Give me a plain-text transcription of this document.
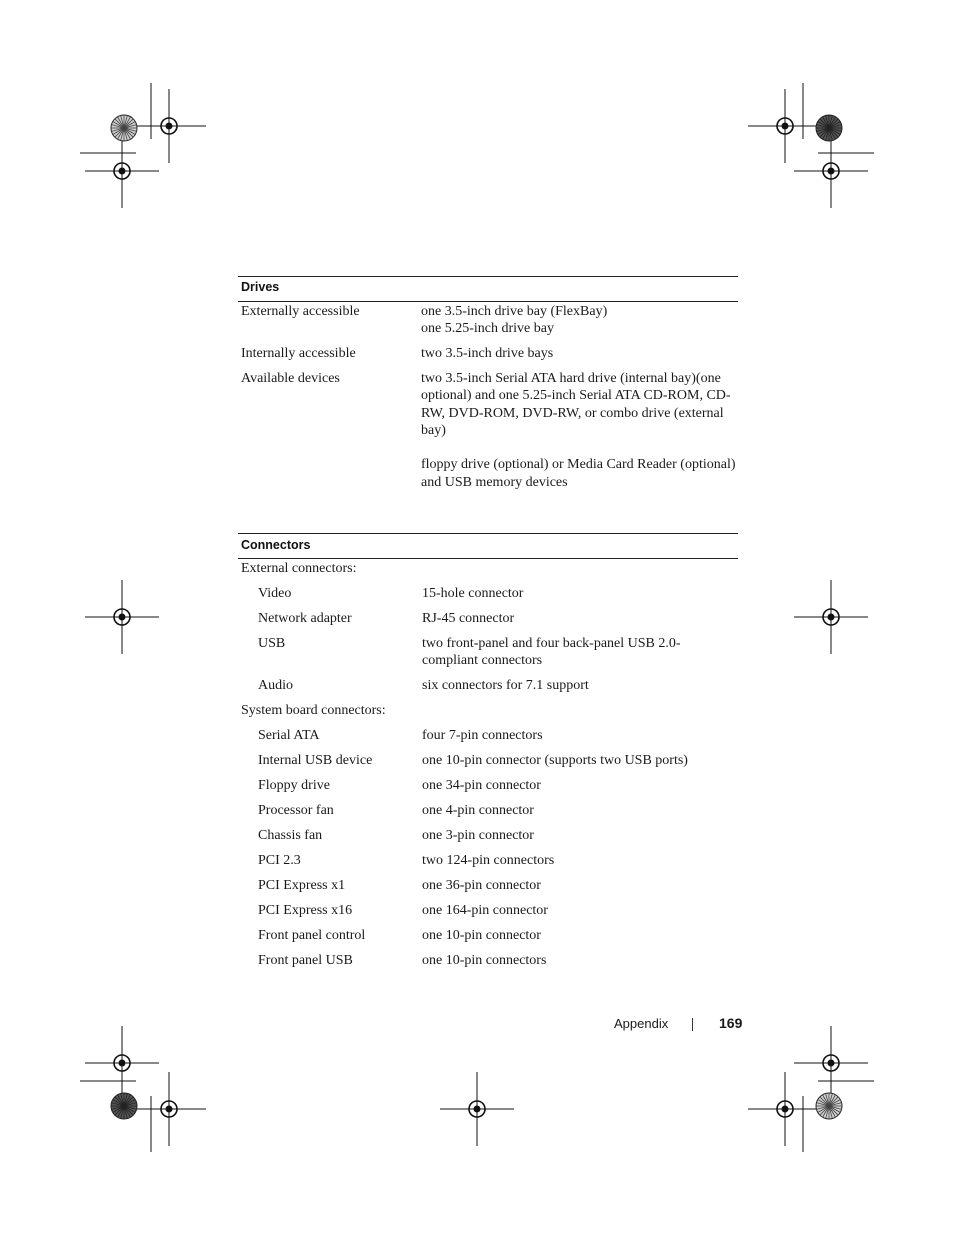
Drives
Externally accessible	one 3.5-inch drive bay (FlexBay)
one 5.25-inch drive bay
Internally accessible	two 3.5-inch drive bays
Available devices	two 3.5-inch Serial ATA hard drive (internal bay)(one optional) and one 5.25-inch Serial ATA CD-ROM, CD-RW, DVD-ROM, DVD-RW, or combo drive (external bay)

floppy drive (optional) or Media Card Reader (optional) and USB memory devices
Connectors
External connectors:
Video	15-hole connector
Network adapter	RJ-45 connector
USB	two front-panel and four back-panel USB 2.0-compliant connectors
Audio	six connectors for 7.1 support
System board connectors:
Serial ATA	four 7-pin connectors
Internal USB device	one 10-pin connector (supports two USB ports)
Floppy drive	one 34-pin connector
Processor fan	one 4-pin connector
Chassis fan	one 3-pin connector
PCI 2.3	two 124-pin connectors
PCI Express x1	one 36-pin connector
PCI Express x16	one 164-pin connector
Front panel control	one 10-pin connector
Front panel USB	one 10-pin connectors
Appendix	169
